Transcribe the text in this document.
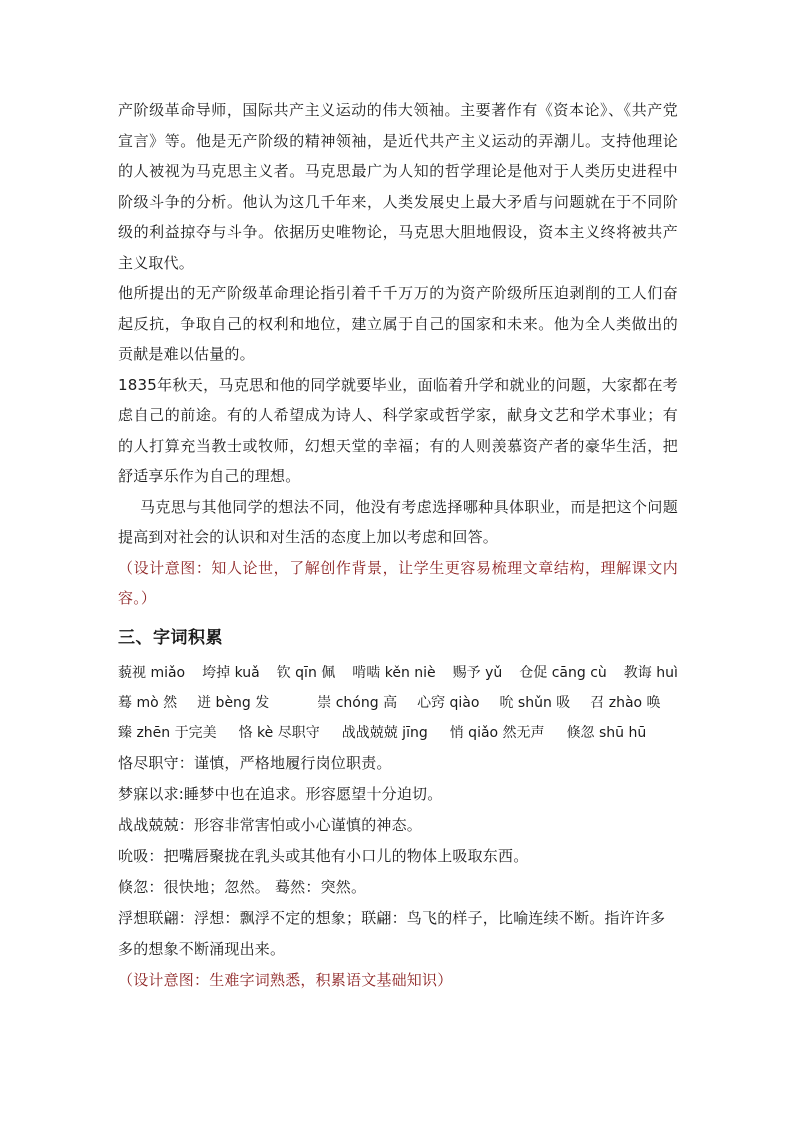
产阶级革命导师，国际共产主义运动的伟大领袖。主要著作有《资本论》、《共产党宣言》等。他是无产阶级的精神领袖，是近代共产主义运动的弄潮儿。支持他理论的人被视为马克思主义者。马克思最广为人知的哲学理论是他对于人类历史进程中阶级斗争的分析。他认为这几千年来，人类发展史上最大矛盾与问题就在于不同阶级的利益掠夺与斗争。依据历史唯物论，马克思大胆地假设，资本主义终将被共产主义取代。

他所提出的无产阶级革命理论指引着千千万万的为资产阶级所压迫剥削的工人们奋起反抗，争取自己的权利和地位，建立属于自己的国家和未来。他为全人类做出的贡献是难以估量的。

1835年秋天，马克思和他的同学就要毕业，面临着升学和就业的问题，大家都在考虑自己的前途。有的人希望成为诗人、科学家或哲学家，献身文艺和学术事业；有的人打算充当教士或牧师，幻想天堂的幸福；有的人则羡慕资产者的豪华生活，把舒适享乐作为自己的理想。

马克思与其他同学的想法不同，他没有考虑选择哪种具体职业，而是把这个问题提高到对社会的认识和对生活的态度上加以考虑和回答。

（设计意图：知人论世，了解创作背景，让学生更容易梳理文章结构，理解课文内容。）

三、字词积累
藐视 miǎo 垮掉 kuǎ 钦 qīn 佩 啃啮 kěn niè 赐予 yǔ 仓促 cāng cù 教诲 huì
蓦 mò 然 迸 bèng 发	崇 chóng 高 心窍 qiào 吮 shǔn 吸 召 zhào 唤
臻 zhēn 于完美 恪 kè 尽职守 战战兢兢 jīng 悄 qiǎo 然无声 倏忽 shū hū

恪尽职守：谨慎，严格地履行岗位职责。

梦寐以求:睡梦中也在追求。形容愿望十分迫切。

战战兢兢：形容非常害怕或小心谨慎的神态。

吮吸：把嘴唇聚拢在乳头或其他有小口儿的物体上吸取东西。

倏忽：很快地；忽然。 蓦然：突然。

浮想联翩：浮想：飘浮不定的想象；联翩：鸟飞的样子，比喻连续不断。指许许多多的想象不断涌现出来。

（设计意图：生难字词熟悉，积累语文基础知识）
